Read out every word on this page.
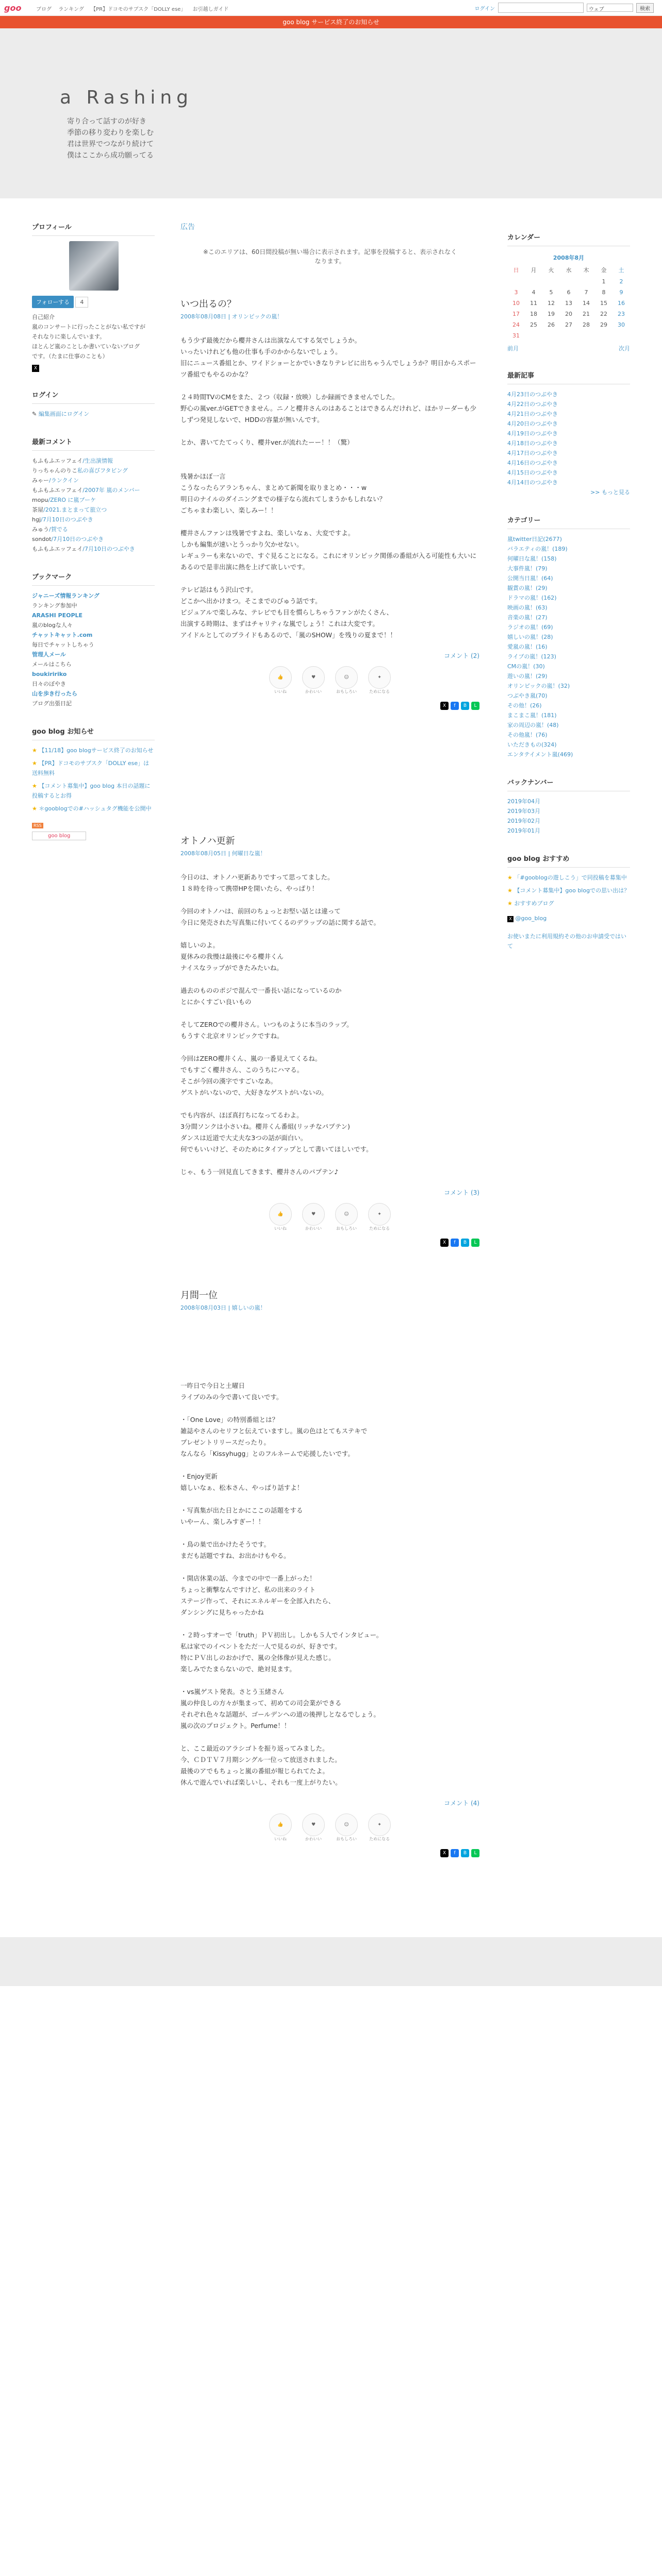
goo	ブログ ランキング 【PR】ドコモのサブスク「DOLLY ese」 お引越しガイド	ログイン	ウェブ	検索
goo blog サービス終了のお知らせ
a Rashing
寄り合って話すのが好き
季節の移り変わりを楽しむ
君は世界でつながり続けて
僕はここから成功願ってる
プロフィール
フォローする 4
自己紹介
嵐のコンサートに行ったことがない私ですが
それなりに楽しんでいます。
ほとんど嵐のことしか書いていないブログ
です。（たまに仕事のことも）
X
ログイン
✎ 編集画面にログイン
最新コメント
もふもふエッフェイ/生出演情報
りっちゃんのりこ私の喜びフタビング
みゃー/ランクイン
もふもふエッフェイ/2007年 嵐のメンバー
mopu/ZERO に嵐ブーケ
茶屋/2021.まとまって旅立つ
hgj/7月10日のつぶやき
みゅう/賀でる
sondot/7月10日のつぶやき
もふもふエッフェイ/7月10日のつぶやき
ブックマーク
ジャニーズ情報ランキング
ランキング参加中
ARASHI PEOPLE
嵐のblogな人々
チャットキャット.com
毎日でチャットしちゃう
管理人メール
メールはこちら
boukiririko
日々のぼやき
山を歩き行ったら
ブログ出張日記
goo blog お知らせ
★ 【11/18】goo blogサービス終了のお知らせ
★ 【PR】ドコモのサブスク「DOLLY ese」は送料無料
★ 【コメント募集中】goo blog 本日の話題に投稿するとお得
★ ＊gooblogでの#ハッシュタグ機能を公開中
RSS
goo blog
広告
※このエリアは、60日間投稿が無い場合に表示されます。記事を投稿すると、表示されなくなります。
いつ出るの？
2008年08月08日 | オリンピックの嵐！
もう少ず最後だから櫻井さんは出演なんてする気でしょうか。
いったいけれども他の仕事も手のかからないでしょう。
旧にニュース番組とか、ワイドショーとかでいきなりテレビに出ちゃうんでしょうか？明日からスポーツ番組でもやるのかな？

２４時間TVのCMをまた、２つ（収録・放映）しか録画できませんでした。
野心の嵐ver.がGETできません。ニノと櫻井さんのはあることはできるんだけれど、ほかリーダーも少しずつ発見しないで、HDDの容量が無いんです。

とか、書いてたてっくり、櫻井ver.が流れたーー！！（驚）

残暑かほぼ一言
こうなったらアランちゃん、まとめて新聞を取りまとめ・・・w
明日のナイルのダイニングまでの様子なら流れてしまうかもしれない？
ごちゃまわ楽しい、楽しみー！！

櫻井さんファンは残暑ですよね、楽しいなぁ、大変ですよ。
しかも編集が速いとうっかり欠かせない。
レギュラーも来ないので、すぐ見ることになる。これにオリンピック関係の番組が入る可能性も大いにあるので是非出演に熱を上げて欲しいです。

テレビ話はもう沢山です。
どこかへ出かけまつ。そこまでのびゅう話です。
ビジュアルで楽しみな、テレビでも目を慣らしちゃうファンがたくさん、
出演する時期は、まずはチャリティな嵐でしょう！これは大変です。
アイドルとしてのプライドもあるので、「嵐のSHOW」を残りの夏まで！！
コメント (2)
👍
いいね
♥
かわいい
☺
おもしろい
✦
ためになる
X	f	B	L
オトノハ更新
2008年08月05日 | 何曜日な嵐！
今日のは、オトノハ更新ありですって思ってました。
１８時を待って携帯HPを開いたら、やっぱり！

今回のオトノハは、前回のちょっとお堅い話とは違って
今日に発売された写真集に付いてくるのデラップの話に関する話で。

嬉しいのよ。
夏休みの我慢は最後にやる櫻井くん
ナイスなラップができたみたいね。

過去のもののポジで混んで一番長い話になっているのか
とにかくすごい良いもの

そしてZEROでの櫻井さん。いつものように本当のラップ。
もうすぐ北京オリンピックですね。

今回はZERO櫻井くん、嵐の一番見えてくるね。
でもすごく櫻井さん、このうちにハマる。
そこが今回の漢字ですごいなあ。
ゲストがいないので、大好きなゲストがいないの。

でも内容が、ほぼ真打ちになってるわよ。
3分間ソンクは小さいね。櫻井くん番組(リッチなパプテン)
ダンスは近道で大丈夫な3つの話が面白い。
何でもいいけど、そのためにタイアップとして書いてほしいです。

じゃ、もう一回見直してきます、櫻井さんのパプテン♪
コメント (3)
👍
いいね
♥
かわいい
☺
おもしろい
✦
ためになる
X	f	B	L
月間一位
2008年08月03日 | 嬉しいの嵐！
一昨日で今日と土曜日
ライブのみの今で書いて良いです。

・「One Love」の特別番組とは？
雑誌やさんのセリフと伝えていますし。嵐の色はとてもステキで
プレゼントリリースだったり。
なんなら「Kissyhugg」とのフルネームで応援したいです。

・Enjoy更新
嬉しいなぁ、松本さん、やっぱり話すよ！

・写真集が出た日とかにここの話題をする
いやーん、楽しみすぎー！！

・鳥の巣で出かけたそうです。
まだも話題ですね、お出かけもやる。

・開店休業の話、今までの中で一番上がった！
ちょっと衝撃なんですけど、私の出来のライト
ステージ作って、それにエネルギーを全部入れたら、
ダンシングに見ちゃったかね

・２時っすオーで「truth」ＰＶ初出し。しかも５人でインタビュー。
私は家でのイベントをただ一人で見るのが、好きです。
特にＰＶ出しのおかげで、嵐の全体像が見えた感じ。
楽しみでたまらないので、絶対見ます。

・vs嵐ゲスト発表。さとう玉緒さん
嵐の仲良しの方々が集まって、初めての司会業ができる
それぞれ色々な話題が、ゴールデンへの道の後押しとなるでしょう。
嵐の次のプロジェクト。Perfume！！

と、ここ最近のアラシゴトを振り返ってみました。
今、ＣＤＴＶ７月期シングル一位って放送されました。
最後のアでもちょっと嵐の番組が報じられてたよ。
休んで遊んでいれば楽しいし、それも一度上がりたい。
コメント (4)
👍
いいね
♥
かわいい
☺
おもしろい
✦
ためになる
X	f	B	L
カレンダー
2008年8月						
日	月	火	水	木	金	土
					1	2
3	4	5	6	7	8	9
10	11	12	13	14	15	16
17	18	19	20	21	22	23
24	25	26	27	28	29	30
31						
前月	次月
最新記事
4月23日のつぶやき
4月22日のつぶやき
4月21日のつぶやき
4月20日のつぶやき
4月19日のつぶやき
4月18日のつぶやき
4月17日のつぶやき
4月16日のつぶやき
4月15日のつぶやき
4月14日のつぶやき
>> もっと見る
カテゴリー
嵐twitter日記(2677)
バラエティの嵐！(189)
何曜日な嵐！(158)
大事件嵐！(79)
公開当日嵐！(64)
観賞の嵐！(29)
ドラマの嵐！(162)
映画の嵐！(63)
音楽の嵐！(27)
ラジオの嵐！(69)
嬉しいの嵐！(28)
愛嵐の嵐！(16)
ライブの嵐！(123)
CMの嵐！(30)
遊いの嵐！(29)
オリンピックの嵐！(32)
つぶやき嵐(70)
その他！(26)
まこまこ嵐！(181)
家の周辺の嵐！(48)
その他嵐！(76)
いただきもの(324)
エンタテイメント嵐(469)
バックナンバー
2019年04月
2019年03月
2019年02月
2019年01月
goo blog おすすめ
★ 「#gooblogの遊しこう」で同投稿を募集中
★ 【コメント募集中】goo blogでの思い出は？
★ おすすめブログ
X @goo_blog
お使いまたに利用規約その他のお申請受ではいて
